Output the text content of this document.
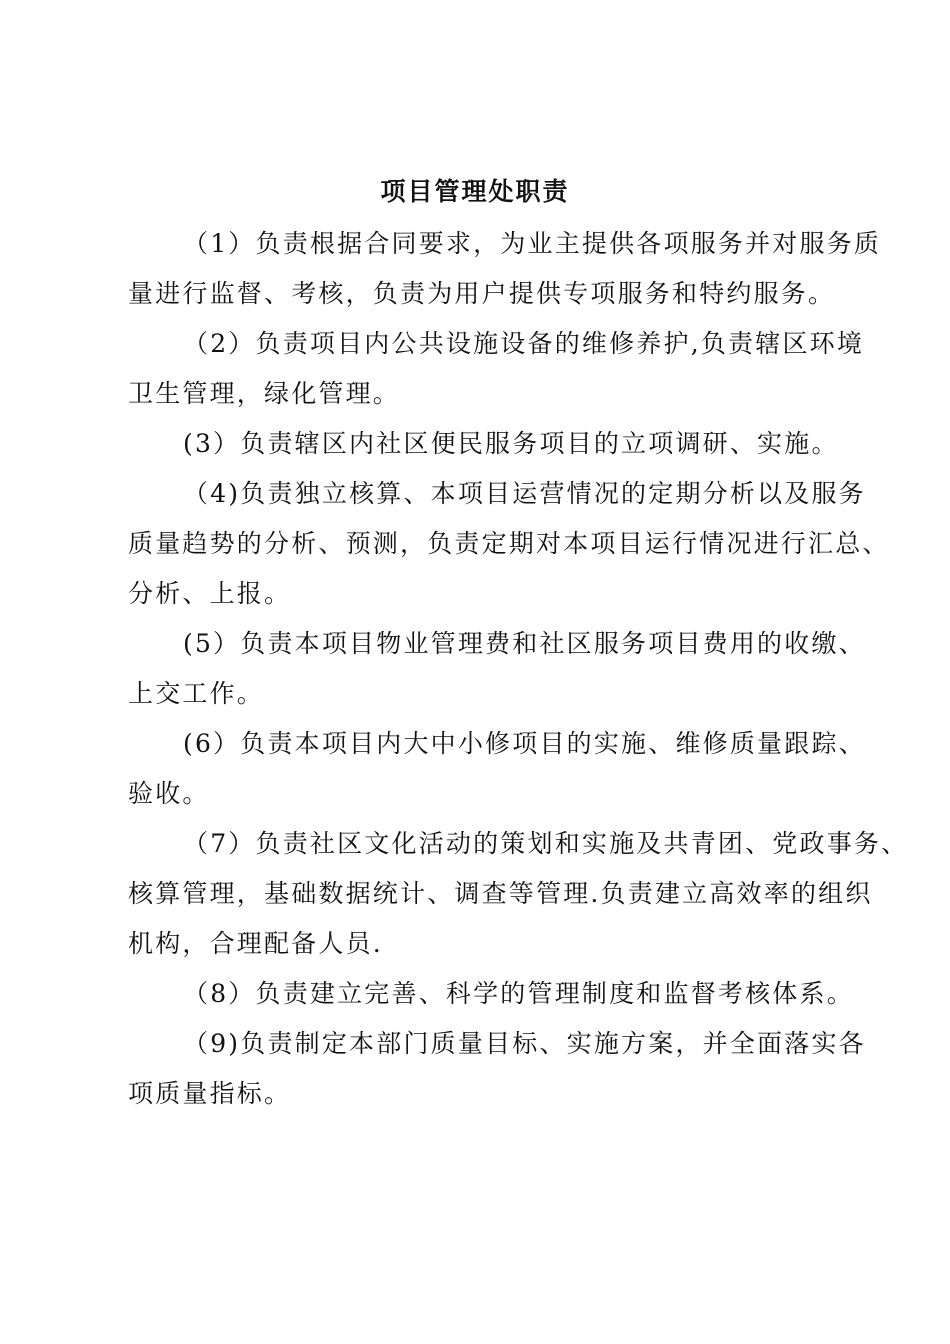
项目管理处职责
（1）负责根据合同要求，为业主提供各项服务并对服务质
量进行监督、考核，负责为用户提供专项服务和特约服务。
（2）负责项目内公共设施设备的维修养护,负责辖区环境
卫生管理，绿化管理。
(3）负责辖区内社区便民服务项目的立项调研、实施。
（4)负责独立核算、本项目运营情况的定期分析以及服务
质量趋势的分析、预测，负责定期对本项目运行情况进行汇总、
分析、上报。
(5）负责本项目物业管理费和社区服务项目费用的收缴、
上交工作。
(6）负责本项目内大中小修项目的实施、维修质量跟踪、
验收。
（7）负责社区文化活动的策划和实施及共青团、党政事务、
核算管理，基础数据统计、调查等管理.负责建立高效率的组织
机构，合理配备人员.
（8）负责建立完善、科学的管理制度和监督考核体系。
（9)负责制定本部门质量目标、实施方案，并全面落实各
项质量指标。
